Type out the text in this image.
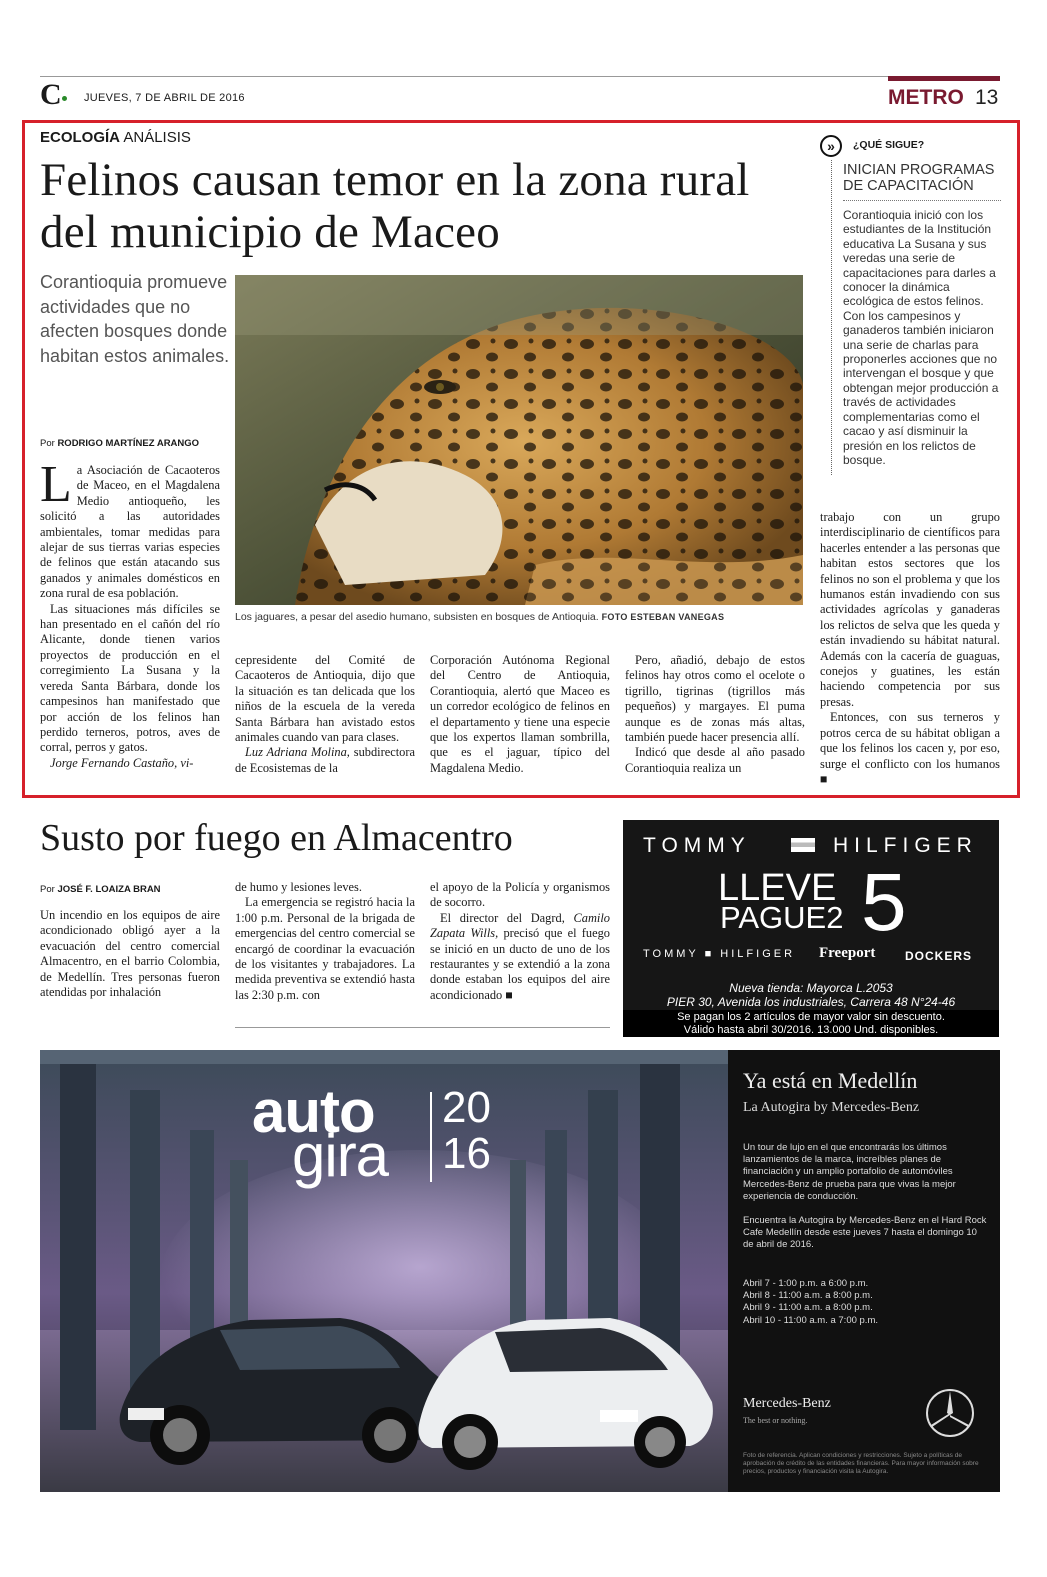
C JUEVES, 7 DE ABRIL DE 2016	METRO 13
ECOLOGÍA ANÁLISIS
Felinos causan temor en la zona rural del municipio de Maceo
Corantioquia promueve actividades que no afecten bosques donde habitan estos animales.
Por RODRIGO MARTÍNEZ ARANGO
Los jaguares, a pesar del asedio humano, subsisten en bosques de Antioquia. FOTO ESTEBAN VANEGAS

La Asociación de Cacaoteros de Maceo, en el Magdalena Medio antioqueño, les solicitó a las autoridades ambientales, tomar medidas para alejar de sus tierras varias especies de felinos que están atacando sus ganados y animales domésticos en zona rural de esa población.

Las situaciones más difíciles se han presentado en el cañón del río Alicante, donde tienen varios proyectos de producción en el corregimiento La Susana y la vereda Santa Bárbara, donde los campesinos han manifestado que por acción de los felinos han perdido terneros, potros, aves de corral, perros y gatos.

Jorge Fernando Castaño, vi-

cepresidente del Comité de Cacaoteros de Antioquia, dijo que la situación es tan delicada que los niños de la escuela de la vereda Santa Bárbara han avistado estos animales cuando van para clases.

Luz Adriana Molina, subdirectora de Ecosistemas de la

Corporación Autónoma Regional del Centro de Antioquia, Corantioquia, alertó que Maceo es un corredor ecológico de felinos en el departamento y tiene una especie que los expertos llaman sombrilla, que es el jaguar, típico del Magdalena Medio.

Pero, añadió, debajo de estos felinos hay otros como el ocelote o tigrillo, tigrinas (tigrillos más pequeños) y margayes. El puma aunque es de zonas más altas, también puede hacer presencia allí.

Indicó que desde al año pasado Corantioquia realiza un

trabajo con un grupo interdisciplinario de científicos para hacerles entender a las personas que habitan estos sectores que los felinos no son el problema y que los humanos están invadiendo con sus actividades agrícolas y ganaderas los relictos de selva que les queda y están invadiendo su hábitat natural. Además con la cacería de guaguas, conejos y guatines, les están haciendo competencia por sus presas.

Entonces, con sus terneros y potros cerca de su hábitat obligan a que los felinos los cacen y, por eso, surge el conflicto con los humanos ■

»	¿QUÉ SIGUE?
INICIAN PROGRAMAS DE CAPACITACIÓN

Corantioquia inició con los estudiantes de la Institución educativa La Susana y sus veredas una serie de capacitaciones para darles a conocer la dinámica ecológica de estos felinos.

Con los campesinos y ganaderos también iniciaron una serie de charlas para proponerles acciones que no intervengan el bosque y que obtengan mejor producción a través de actividades complementarias como el cacao y así disminuir la presión en los relictos de bosque.

Susto por fuego en Almacentro
Por JOSÉ F. LOAIZA BRAN

Un incendio en los equipos de aire acondicionado obligó ayer a la evacuación del centro comercial Almacentro, en el barrio Colombia, de Medellín. Tres personas fueron atendidas por inhalación

de humo y lesiones leves.

La emergencia se registró hacia la 1:00 p.m. Personal de la brigada de emergencias del centro comercial se encargó de coordinar la evacuación de los visitantes y trabajadores. La medida preventiva se extendió hasta las 2:30 p.m. con

el apoyo de la Policía y organismos de socorro.

El director del Dagrd, Camilo Zapata Wills, precisó que el fuego se inició en un ducto de uno de los restaurantes y se extendió a la zona donde estaban los equipos del aire acondicionado ■

TOMMY	HILFIGER
LLEVE
PAGUE2 5
TOMMY ■ HILFIGER Freeport DOCKERS
Nueva tienda: Mayorca L.2053
PIER 30, Avenida los industriales, Carrera 48 N°24-46
Se pagan los 2 artículos de mayor valor sin descuento.
Válido hasta abril 30/2016. 13.000 Und. disponibles.
auto
gira
20
16
Ya está en Medellín
La Autogira by Mercedes-Benz
Un tour de lujo en el que encontrarás los últimos lanzamientos de la marca, increíbles planes de financiación y un amplio portafolio de automóviles Mercedes-Benz de prueba para que vivas la mejor experiencia de conducción.
Encuentra la Autogira by Mercedes-Benz en el Hard Rock Cafe Medellín desde este jueves 7 hasta el domingo 10 de abril de 2016.
Abril 7 - 1:00 p.m. a 6:00 p.m.
Abril 8 - 11:00 a.m. a 8:00 p.m.
Abril 9 - 11:00 a.m. a 8:00 p.m.
Abril 10 - 11:00 a.m. a 7:00 p.m.
Mercedes-Benz
The best or nothing.
Foto de referencia. Aplican condiciones y restricciones. Sujeto a políticas de aprobación de crédito de las entidades financieras. Para mayor información sobre precios, productos y financiación visita la Autogira.
